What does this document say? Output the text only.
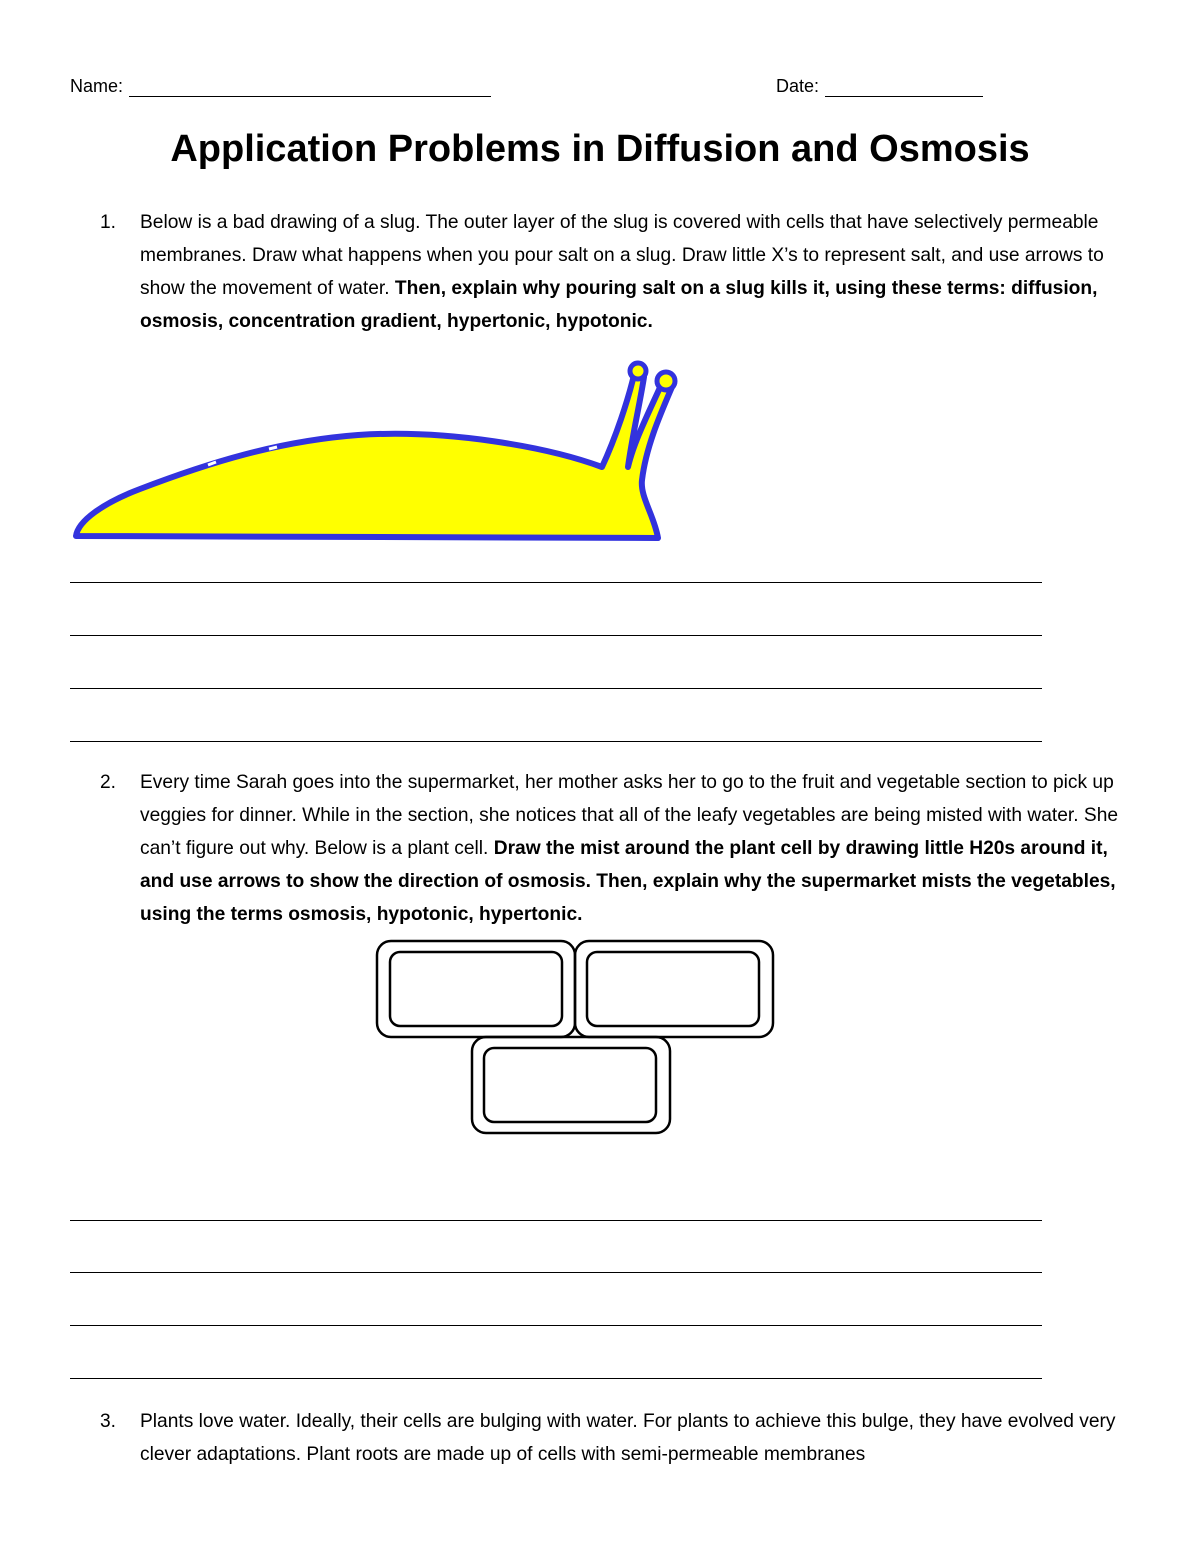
Name:	Date:
Application Problems in Diffusion and Osmosis
1. Below is a bad drawing of a slug. The outer layer of the slug is covered with cells that have selectively permeable membranes. Draw what happens when you pour salt on a slug. Draw little X’s to represent salt, and use arrows to show the movement of water. Then, explain why pouring salt on a slug kills it, using these terms: diffusion, osmosis, concentration gradient, hypertonic, hypotonic.
2. Every time Sarah goes into the supermarket, her mother asks her to go to the fruit and vegetable section to pick up veggies for dinner. While in the section, she notices that all of the leafy vegetables are being misted with water. She can’t figure out why. Below is a plant cell. Draw the mist around the plant cell by drawing little H20s around it, and use arrows to show the direction of osmosis. Then, explain why the supermarket mists the vegetables, using the terms osmosis, hypotonic, hypertonic.
3. Plants love water. Ideally, their cells are bulging with water. For plants to achieve this bulge, they have evolved very clever adaptations. Plant roots are made up of cells with semi-permeable membranes
